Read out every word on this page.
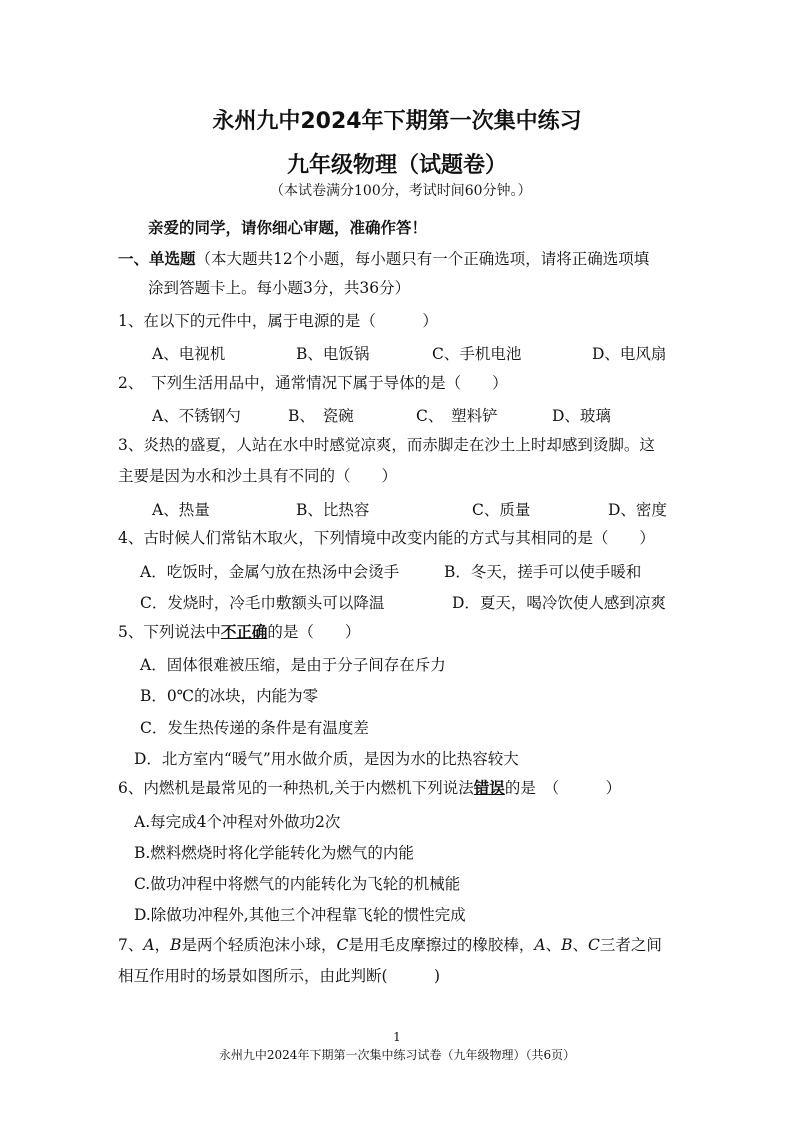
永州九中2024年下期第一次集中练习
九年级物理（试题卷）
（本试卷满分100分，考试时间60分钟。）
亲爱的同学，请你细心审题，准确作答！
一、单选题（本大题共12个小题，每小题只有一个正确选项，请将正确选项填
涂到答题卡上。每小题3分，共36分）
1、在以下的元件中，属于电源的是（　　　）
A、电视机	B、电饭锅	C、手机电池	D、电风扇
2、　下列生活用品中，通常情况下属于导体的是（　　）
A、不锈钢勺	B、　瓷碗	C、　塑料铲	D、玻璃
3、炎热的盛夏，人站在水中时感觉凉爽，而赤脚走在沙土上时却感到烫脚。这
主要是因为水和沙土具有不同的（　　）
A、热量	B、比热容	C、质量	D、密度
4、古时候人们常钻木取火，下列情境中改变内能的方式与其相同的是（　　）
A．吃饭时，金属勺放在热汤中会烫手	B．冬天，搓手可以使手暖和
C．发烧时，冷毛巾敷额头可以降温	D．夏天，喝冷饮使人感到凉爽
5、下列说法中不正确的是（　　）
A．固体很难被压缩，是由于分子间存在斥力
B．0℃的冰块，内能为零
C．发生热传递的条件是有温度差
D．北方室内“暖气”用水做介质，是因为水的比热容较大
6、内燃机是最常见的一种热机,关于内燃机下列说法错误的是　（　　　）
A.每完成4个冲程对外做功2次
B.燃料燃烧时将化学能转化为燃气的内能
C.做功冲程中将燃气的内能转化为飞轮的机械能
D.除做功冲程外,其他三个冲程靠飞轮的惯性完成
7、A，B是两个轻质泡沫小球，C是用毛皮摩擦过的橡胶棒，A、B、C三者之间
相互作用时的场景如图所示，由此判断(　　　)
1
永州九中2024年下期第一次集中练习试卷（九年级物理）（共6页）
